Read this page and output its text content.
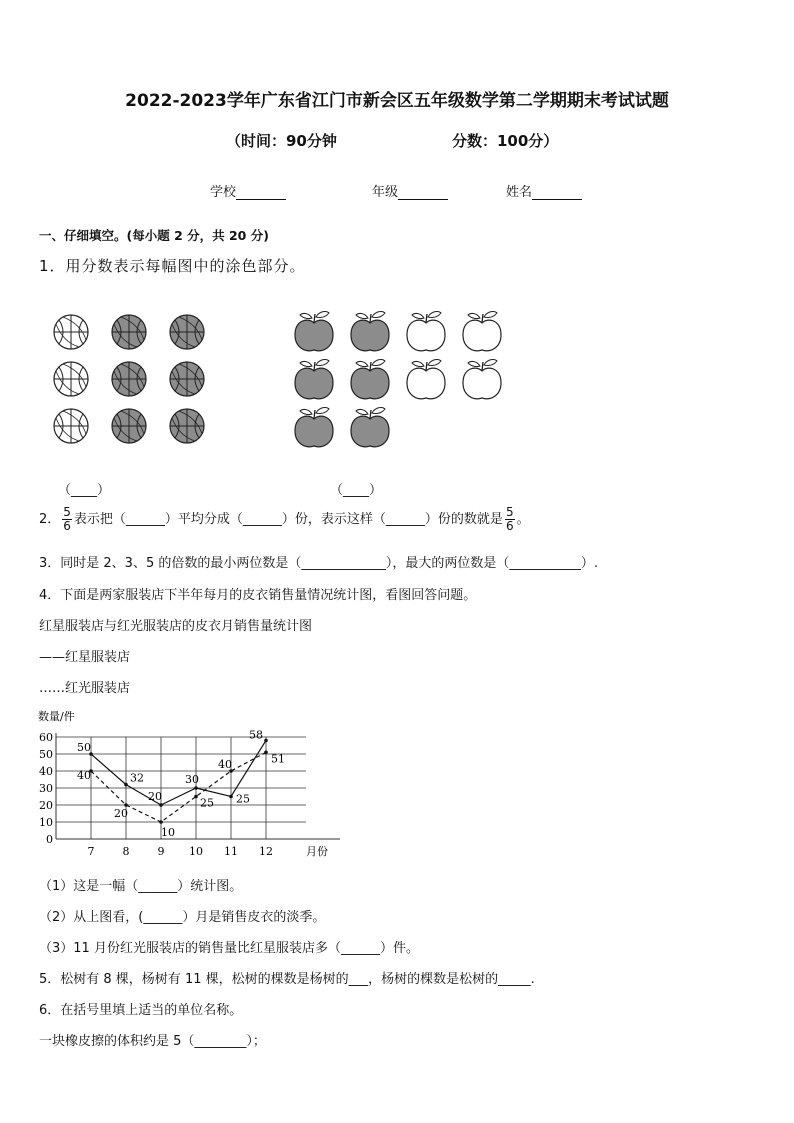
2022-2023学年广东省江门市新会区五年级数学第二学期期末考试试题
（时间：90分钟	分数：100分）
学校	年级	姓名
一、仔细填空。(每小题 2 分，共 20 分)
1．用分数表示每幅图中的涂色部分。
（____）	（____）
2． $\frac{5}{6}$ 表示把（______）平均分成（______）份，表示这样（______）份的数就是 $\frac{5}{6}$ 。
3．同时是 2、3、5 的倍数的最小两位数是（_____________），最大的两位数是（___________）.
4．下面是两家服装店下半年每月的皮衣销售量情况统计图，看图回答问题。
红星服装店与红光服装店的皮衣月销售量统计图
——红星服装店
……红光服装店
数量/件
月份
0
10
20
30
40
50
60
7	8	9 10 11 12
50
32
20
30
25
58
40
20
10
25
40	51
（1）这是一幅（______）统计图。
（2）从上图看，(______）月是销售皮衣的淡季。
（3）11 月份红光服装店的销售量比红星服装店多（______）件。
5．松树有 8 棵，杨树有 11 棵，松树的棵数是杨树的___，杨树的棵数是松树的_____.
6．在括号里填上适当的单位名称。
一块橡皮擦的体积约是 5（________）；
